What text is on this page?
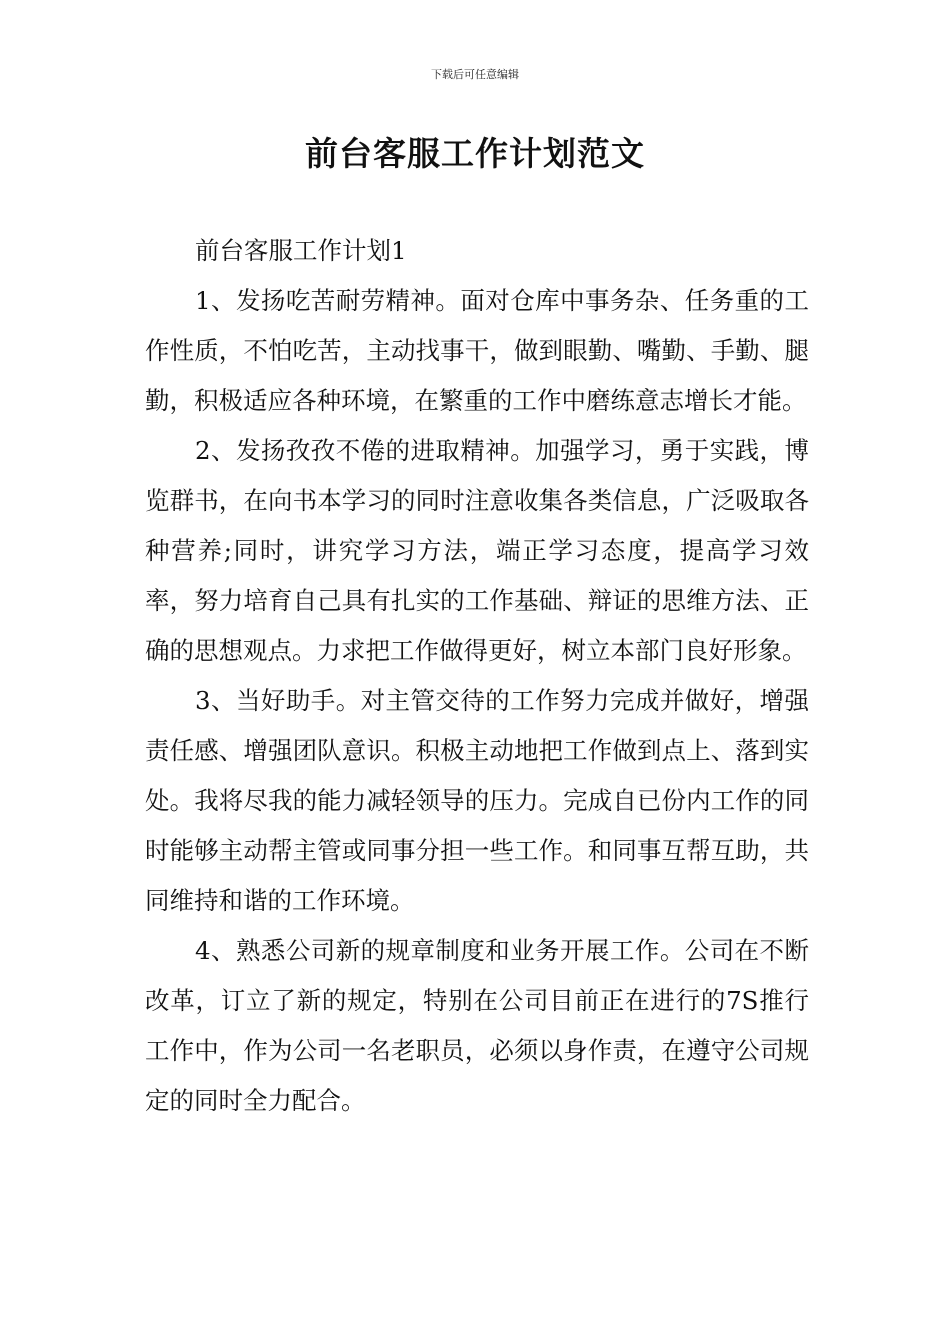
下载后可任意编辑
前台客服工作计划范文

前台客服工作计划1

1、发扬吃苦耐劳精神。面对仓库中事务杂、任务重的工作性质，不怕吃苦，主动找事干，做到眼勤、嘴勤、手勤、腿勤，积极适应各种环境，在繁重的工作中磨练意志增长才能。

2、发扬孜孜不倦的进取精神。加强学习，勇于实践，博览群书，在向书本学习的同时注意收集各类信息，广泛吸取各种营养;同时，讲究学习方法，端正学习态度，提高学习效率，努力培育自己具有扎实的工作基础、辩证的思维方法、正确的思想观点。力求把工作做得更好，树立本部门良好形象。

3、当好助手。对主管交待的工作努力完成并做好，增强责任感、增强团队意识。积极主动地把工作做到点上、落到实处。我将尽我的能力减轻领导的压力。完成自已份内工作的同时能够主动帮主管或同事分担一些工作。和同事互帮互助，共同维持和谐的工作环境。

4、熟悉公司新的规章制度和业务开展工作。公司在不断改革，订立了新的规定，特别在公司目前正在进行的7S推行工作中，作为公司一名老职员，必须以身作责，在遵守公司规定的同时全力配合。
